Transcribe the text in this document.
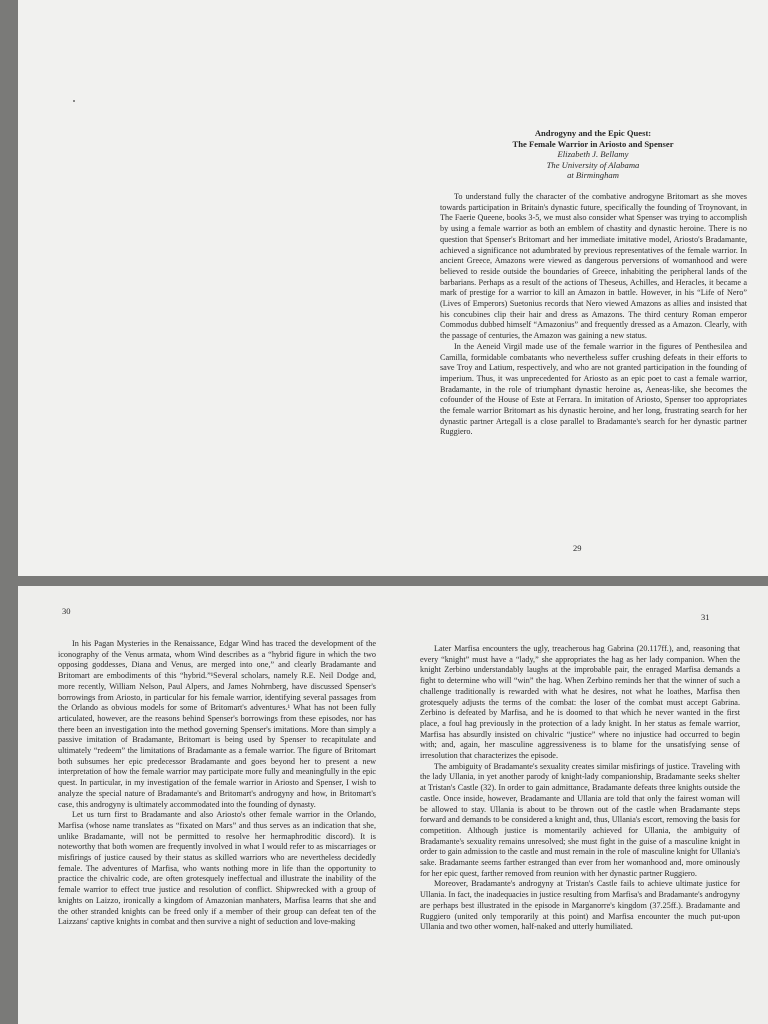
Androgyny and the Epic Quest:
The Female Warrior in Ariosto and Spenser
Elizabeth J. Bellamy
The University of Alabama
at Birmingham

To understand fully the character of the combative androgyne Britomart as she moves towards participation in Britain's dynastic future, specifically the founding of Troynovant, in The Faerie Queene, books 3-5, we must also consider what Spenser was trying to accomplish by using a female warrior as both an emblem of chastity and dynastic heroine. There is no question that Spenser's Britomart and her immediate imitative model, Ariosto's Bradamante, achieved a significance not adumbrated by previous representatives of the female warrior. In ancient Greece, Amazons were viewed as dangerous perversions of womanhood and were believed to reside outside the boundaries of Greece, inhabiting the peripheral lands of the barbarians. Perhaps as a result of the actions of Theseus, Achilles, and Heracles, it became a mark of prestige for a warrior to kill an Amazon in battle. However, in his “Life of Nero” (Lives of Emperors) Suetonius records that Nero viewed Amazons as allies and insisted that his concubines clip their hair and dress as Amazons. The third century Roman emperor Commodus dubbed himself “Amazonius” and frequently dressed as a Amazon. Clearly, with the passage of centuries, the Amazon was gaining a new status.

In the Aeneid Virgil made use of the female warrior in the figures of Penthesilea and Camilla, formidable combatants who nevertheless suffer crushing defeats in their efforts to save Troy and Latium, respectively, and who are not granted participation in the founding of imperium. Thus, it was unprecedented for Ariosto as an epic poet to cast a female warrior, Bradamante, in the role of triumphant dynastic heroine as, Aeneas-like, she becomes the cofounder of the House of Este at Ferrara. In imitation of Ariosto, Spenser too appropriates the female warrior Britomart as his dynastic heroine, and her long, frustrating search for her dynastic partner Artegall is a close parallel to Bradamante's search for her dynastic partner Ruggiero.

29
30
31

In his Pagan Mysteries in the Renaissance, Edgar Wind has traced the development of the iconography of the Venus armata, whom Wind describes as a “hybrid figure in which the two opposing goddesses, Diana and Venus, are merged into one,” and clearly Bradamante and Britomart are embodiments of this “hybrid.”¹Several scholars, namely R.E. Neil Dodge and, more recently, William Nelson, Paul Alpers, and James Nohrnberg, have discussed Spenser's borrowings from Ariosto, in particular for his female warrior, identifying several passages from the Orlando as obvious models for some of Britomart's adventures.¹ What has not been fully articulated, however, are the reasons behind Spenser's borrowings from these episodes, nor has there been an investigation into the method governing Spenser's imitations. More than simply a passive imitation of Bradamante, Britomart is being used by Spenser to recapitulate and ultimately “redeem” the limitations of Bradamante as a female warrior. The figure of Britomart both subsumes her epic predecessor Bradamante and goes beyond her to present a new interpretation of how the female warrior may participate more fully and meaningfully in the epic quest. In particular, in my investigation of the female warrior in Ariosto and Spenser, I wish to analyze the special nature of Bradamante's and Britomart's androgyny and how, in Britomart's case, this androgyny is ultimately accommodated into the founding of dynasty.

Let us turn first to Bradamante and also Ariosto's other female warrior in the Orlando, Marfisa (whose name translates as “fixated on Mars” and thus serves as an indication that she, unlike Bradamante, will not be permitted to resolve her hermaphroditic discord). It is noteworthy that both women are frequently involved in what I would refer to as miscarriages or misfirings of justice caused by their status as skilled warriors who are nevertheless decidedly female. The adventures of Marfisa, who wants nothing more in life than the opportunity to practice the chivalric code, are often grotesquely ineffectual and illustrate the inability of the female warrior to effect true justice and resolution of conflict. Shipwrecked with a group of knights on Laizzo, ironically a kingdom of Amazonian manhaters, Marfisa learns that she and the other stranded knights can be freed only if a member of their group can defeat ten of the Laizzans' captive knights in combat and then survive a night of seduction and love-making

Later Marfisa encounters the ugly, treacherous hag Gabrina (20.117ff.), and, reasoning that every “knight” must have a “lady,” she appropriates the hag as her lady companion. When the knight Zerbino understandably laughs at the improbable pair, the enraged Marfisa demands a fight to determine who will “win” the hag. When Zerbino reminds her that the winner of such a challenge traditionally is rewarded with what he desires, not what he loathes, Marfisa then grotesquely adjusts the terms of the combat: the loser of the combat must accept Gabrina. Zerbino is defeated by Marfisa, and he is doomed to that which he never wanted in the first place, a foul hag previously in the protection of a lady knight. In her status as female warrior, Marfisa has absurdly insisted on chivalric “justice” where no injustice had occurred to begin with; and, again, her masculine aggressiveness is to blame for the unsatisfying sense of irresolution that characterizes the episode.

The ambiguity of Bradamante's sexuality creates similar misfirings of justice. Traveling with the lady Ullania, in yet another parody of knight-lady companionship, Bradamante seeks shelter at Tristan's Castle (32). In order to gain admittance, Bradamante defeats three knights outside the castle. Once inside, however, Bradamante and Ullania are told that only the fairest woman will be allowed to stay. Ullania is about to be thrown out of the castle when Bradamante steps forward and demands to be considered a knight and, thus, Ullania's escort, removing the basis for competition. Although justice is momentarily achieved for Ullania, the ambiguity of Bradamante's sexuality remains unresolved; she must fight in the guise of a masculine knight in order to gain admission to the castle and must remain in the role of masculine knight for Ullania's sake. Bradamante seems farther estranged than ever from her womanhood and, more ominously for her epic quest, farther removed from reunion with her dynastic partner Ruggiero.

Moreover, Bradamante's androgyny at Tristan's Castle fails to achieve ultimate justice for Ullania. In fact, the inadequacies in justice resulting from Marfisa's and Bradamante's androgyny are perhaps best illustrated in the episode in Marganorre's kingdom (37.25ff.). Bradamante and Ruggiero (united only temporarily at this point) and Marfisa encounter the much put-upon Ullania and two other women, half-naked and utterly humiliated.
